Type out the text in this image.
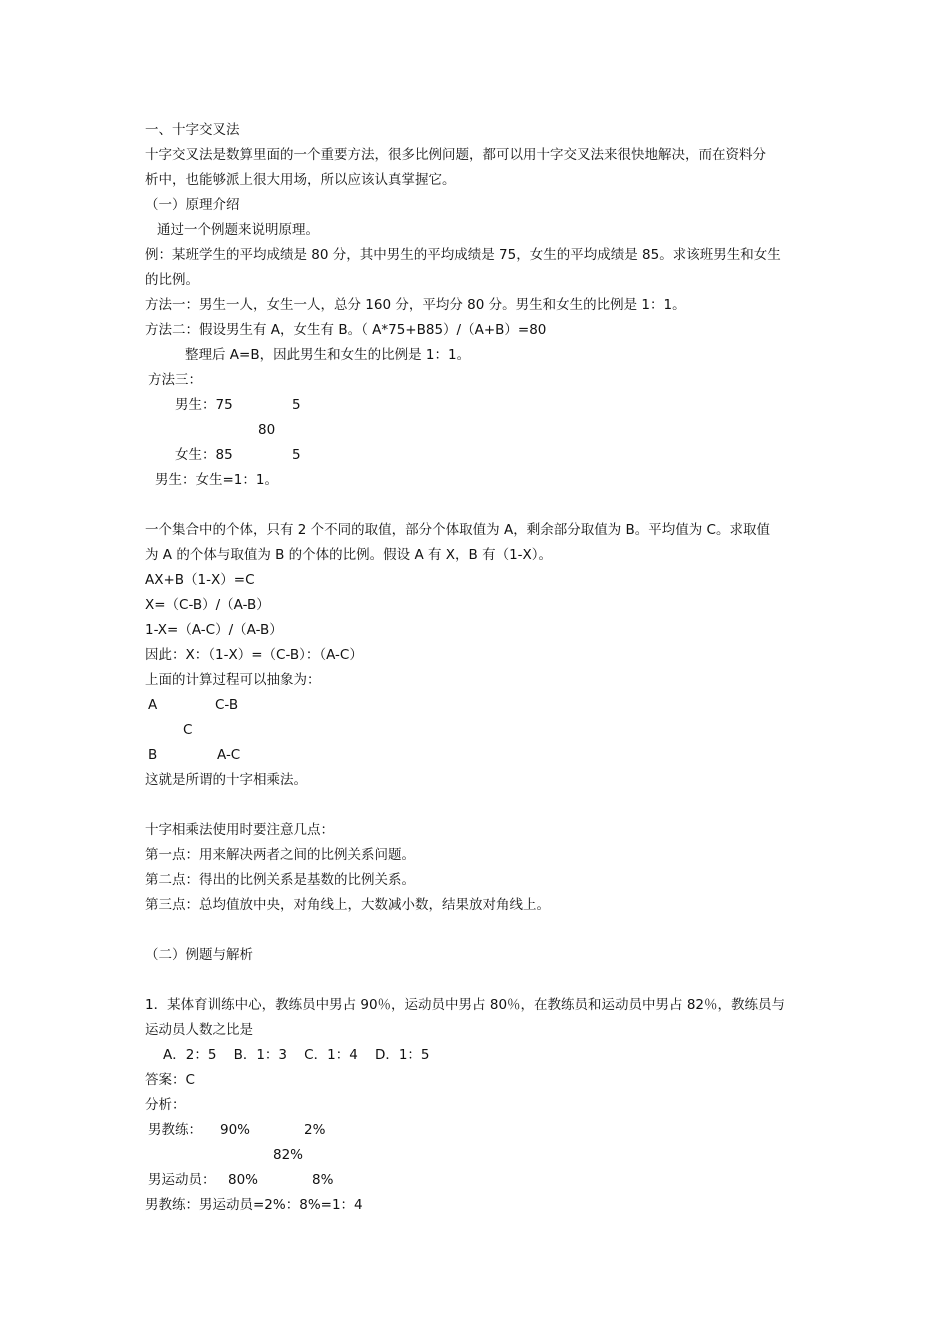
一、十字交叉法
十字交叉法是数算里面的一个重要方法，很多比例问题，都可以用十字交叉法来很快地解决，而在资料分
析中，也能够派上很大用场，所以应该认真掌握它。
（一）原理介绍
通过一个例题来说明原理。
例：某班学生的平均成绩是 80 分，其中男生的平均成绩是 75，女生的平均成绩是 85。求该班男生和女生
的比例。
方法一：男生一人，女生一人，总分 160 分，平均分 80 分。男生和女生的比例是 1：1。
方法二：假设男生有 A，女生有 B。（ A*75+B85）/（A+B）=80
整理后 A=B，因此男生和女生的比例是 1：1。
方法三：
男生：75	5
80
女生：85	5
男生：女生=1：1。
一个集合中的个体，只有 2 个不同的取值，部分个体取值为 A，剩余部分取值为 B。平均值为 C。求取值
为 A 的个体与取值为 B 的个体的比例。假设 A 有 X，B 有（1-X）。
AX+B（1-X）=C
X=（C-B）/（A-B）
1-X=（A-C）/（A-B）
因此：X：（1-X）=（C-B）：（A-C）
上面的计算过程可以抽象为：
A	C-B
C
B	A-C
这就是所谓的十字相乘法。
十字相乘法使用时要注意几点：
第一点：用来解决两者之间的比例关系问题。
第二点：得出的比例关系是基数的比例关系。
第三点：总均值放中央，对角线上，大数减小数，结果放对角线上。
（二）例题与解析
1．某体育训练中心，教练员中男占 90％，运动员中男占 80％，在教练员和运动员中男占 82％，教练员与
运动员人数之比是
A．2：5    B．1：3    C．1：4    D．1：5
答案：C
分析：
男教练： 90%	2%
82%
男运动员： 80%	8%
男教练：男运动员=2%：8%=1：4
